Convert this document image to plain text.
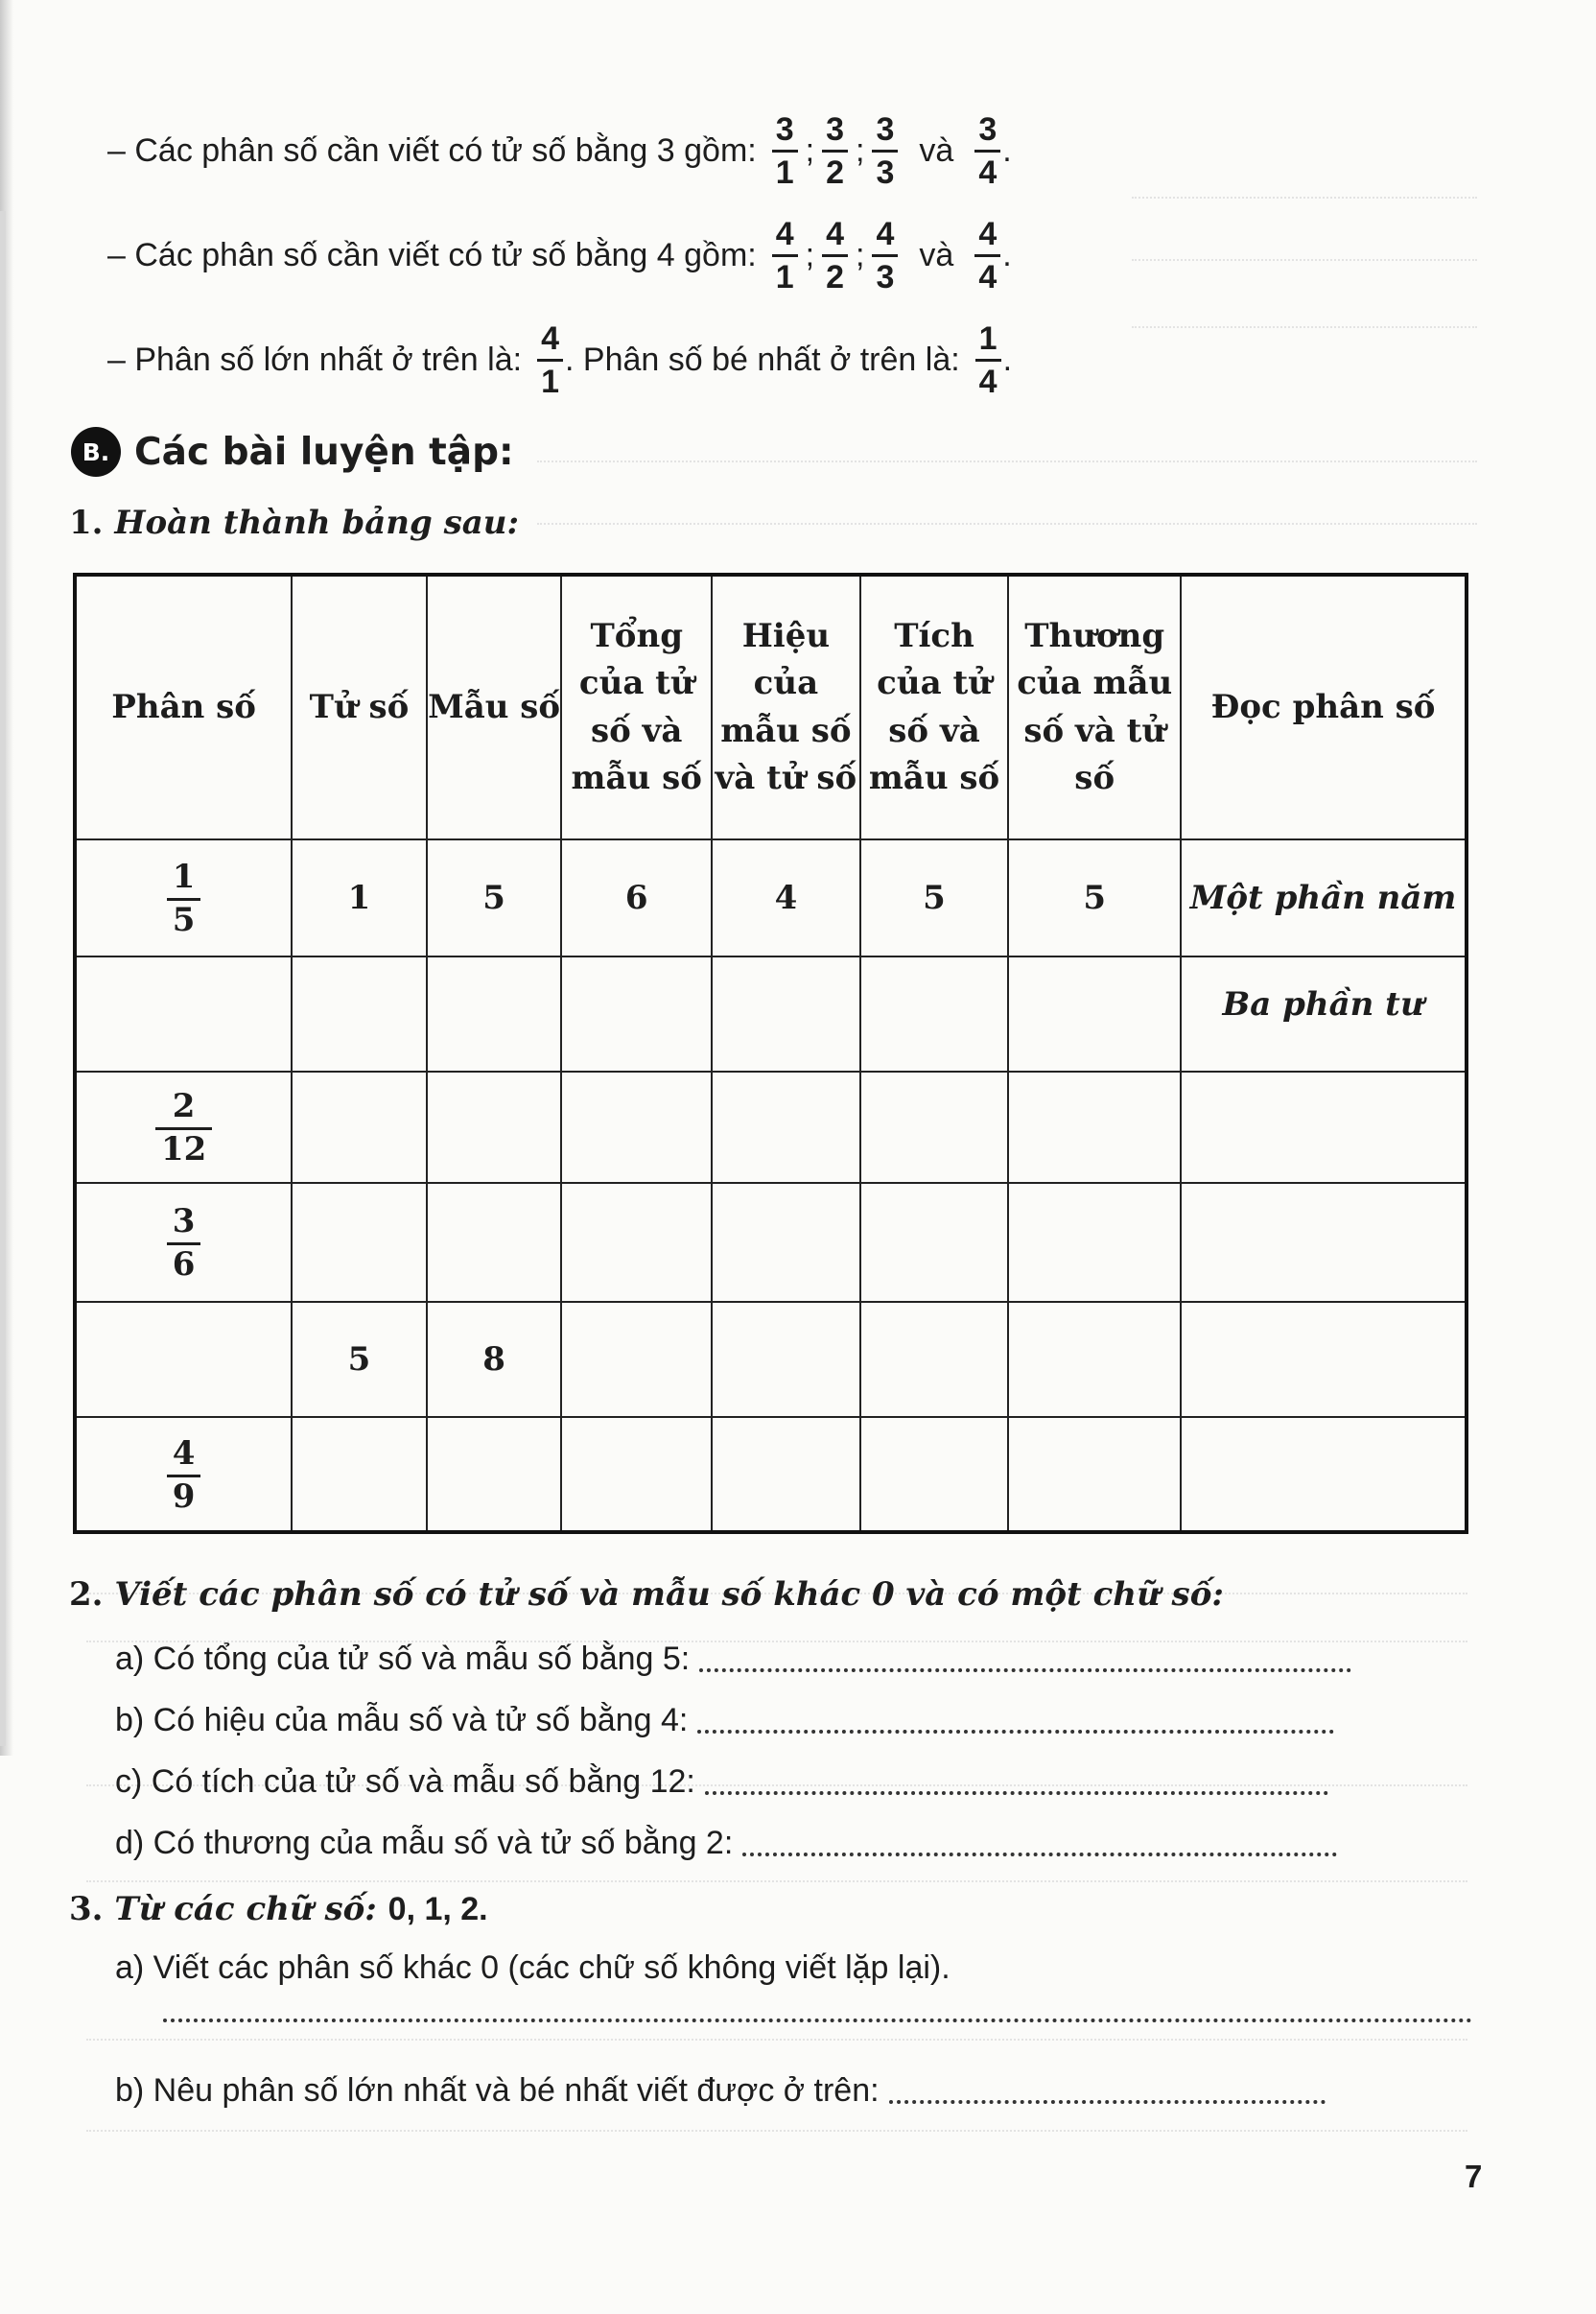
– Các phân số cần viết có tử số bằng 3 gồm: $\frac{3}{1}$ ; $\frac{3}{2}$ ; $\frac{3}{3}$ và $\frac{3}{4}$ .
– Các phân số cần viết có tử số bằng 4 gồm: $\frac{4}{1}$ ; $\frac{4}{2}$ ; $\frac{4}{3}$ và $\frac{4}{4}$ .
– Phân số lớn nhất ở trên là: $\frac{4}{1}$ . Phân số bé nhất ở trên là: $\frac{1}{4}$ .
B. Các bài luyện tập:
1. Hoàn thành bảng sau:
Phân số	Tử số	Mẫu số	Tổng của tử số và mẫu số	Hiệu của mẫu số và tử số	Tích của tử số và mẫu số	Thương của mẫu số và tử số	Đọc phân số

$\frac{1}{5}$	1	5	6	4	5	5	Một phần năm
							Ba phần tư

$\frac{2}{12}$

$\frac{3}{6}$

	5	8					

$\frac{4}{9}$

2. Viết các phân số có tử số và mẫu số khác 0 và có một chữ số:
a) Có tổng của tử số và mẫu số bằng 5:
b) Có hiệu của mẫu số và tử số bằng 4:
c) Có tích của tử số và mẫu số bằng 12:
d) Có thương của mẫu số và tử số bằng 2:
3. Từ các chữ số: 0, 1, 2.
a) Viết các phân số khác 0 (các chữ số không viết lặp lại).
b) Nêu phân số lớn nhất và bé nhất viết được ở trên:
7
